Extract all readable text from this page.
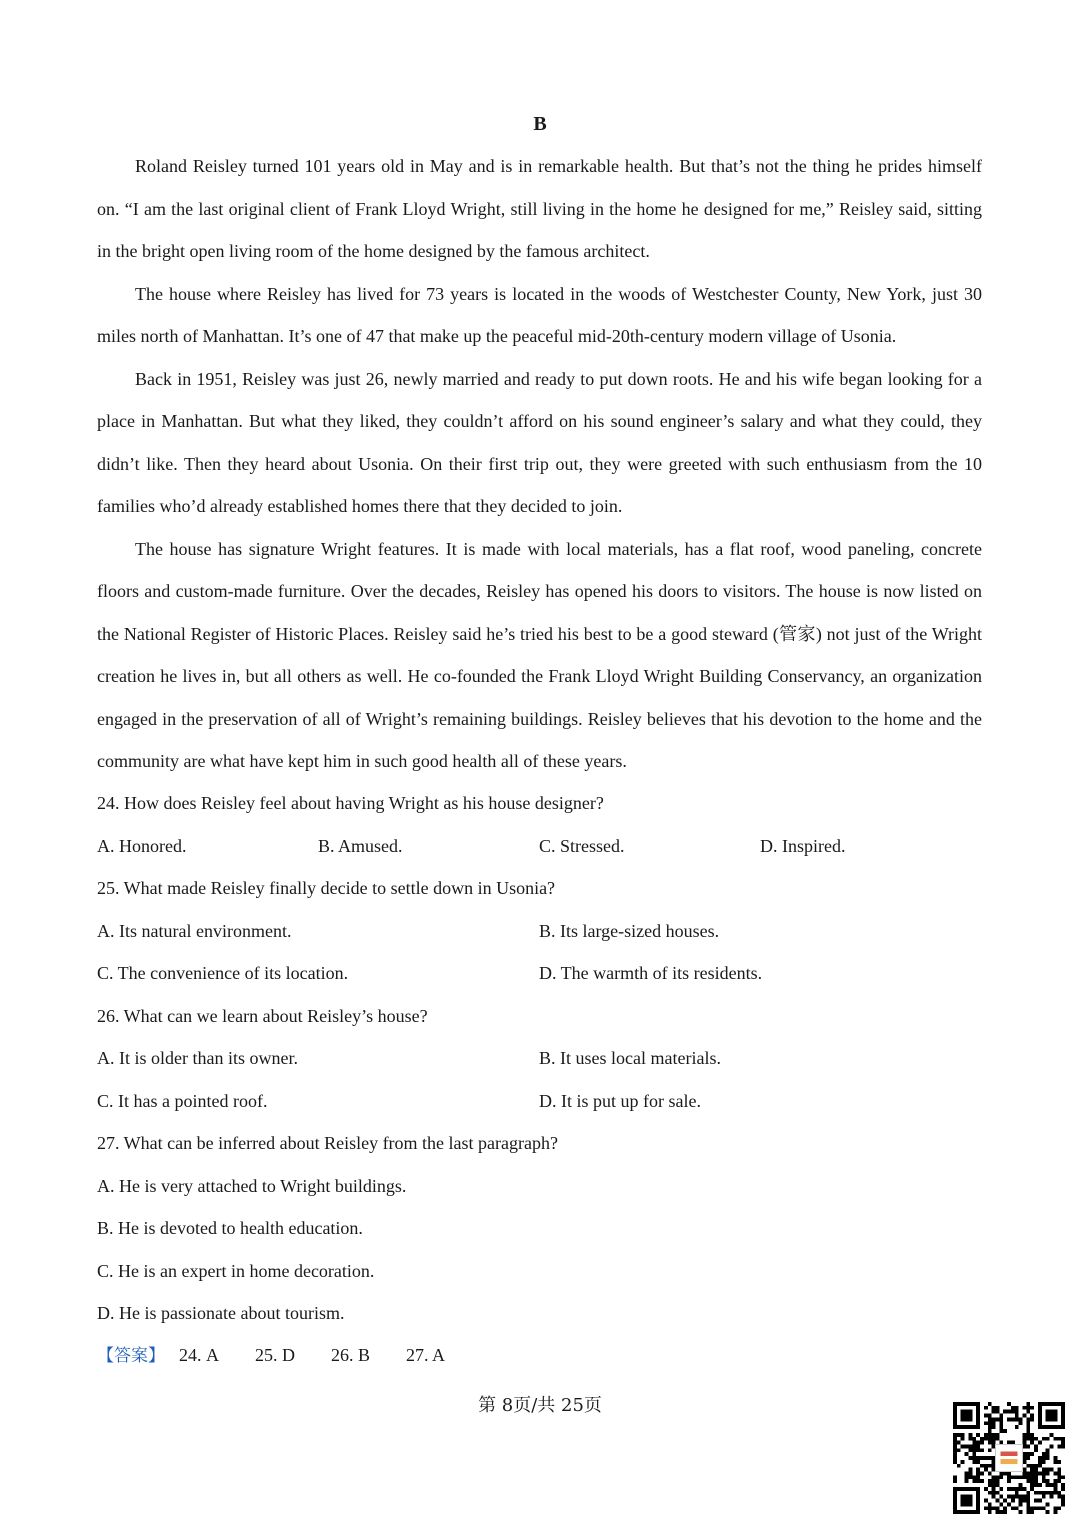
B

Roland Reisley turned 101 years old in May and is in remarkable health. But that’s not the thing he prides himself on. “I am the last original client of Frank Lloyd Wright, still living in the home he designed for me,” Reisley said, sitting in the bright open living room of the home designed by the famous architect.

The house where Reisley has lived for 73 years is located in the woods of Westchester County, New York, just 30 miles north of Manhattan. It’s one of 47 that make up the peaceful mid-20th-century modern village of Usonia.

Back in 1951, Reisley was just 26, newly married and ready to put down roots. He and his wife began looking for a place in Manhattan. But what they liked, they couldn’t afford on his sound engineer’s salary and what they could, they didn’t like. Then they heard about Usonia. On their first trip out, they were greeted with such enthusiasm from the 10 families who’d already established homes there that they decided to join.

The house has signature Wright features. It is made with local materials, has a flat roof, wood paneling, concrete floors and custom-made furniture. Over the decades, Reisley has opened his doors to visitors. The house is now listed on the National Register of Historic Places. Reisley said he’s tried his best to be a good steward (管家) not just of the Wright creation he lives in, but all others as well. He co-founded the Frank Lloyd Wright Building Conservancy, an organization engaged in the preservation of all of Wright’s remaining buildings. Reisley believes that his devotion to the home and the community are what have kept him in such good health all of these years.

24. How does Reisley feel about having Wright as his house designer?

A. Honored.	B. Amused.	C. Stressed.	D. Inspired.

25. What made Reisley finally decide to settle down in Usonia?

A. Its natural environment.	B. Its large-sized houses.
C. The convenience of its location.	D. The warmth of its residents.

26. What can we learn about Reisley’s house?

A. It is older than its owner.	B. It uses local materials.
C. It has a pointed roof.	D. It is put up for sale.

27. What can be inferred about Reisley from the last paragraph?

A. He is very attached to Wright buildings.
B. He is devoted to health education.
C. He is an expert in home decoration.
D. He is passionate about tourism.
【答案】 24. A 25. D 26. B 27. A
第 8页/共 25页
